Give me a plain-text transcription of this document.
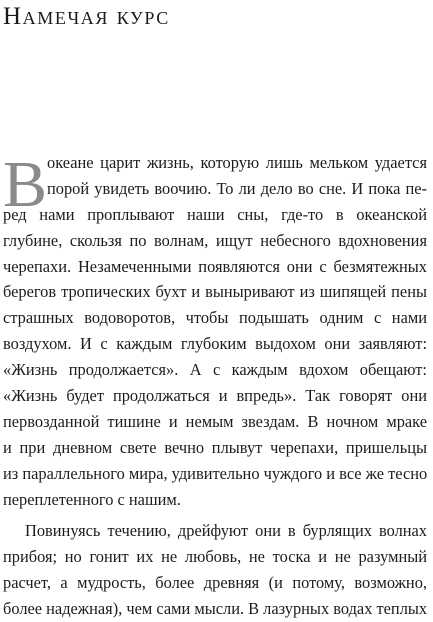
Намечая курс
В океане царит жизнь, которую лишь мельком удается
порой увидеть воочию. То ли дело во сне. И пока пе-
ред нами проплывают наши сны, где-то в океанской
глубине, скользя по волнам, ищут небесного вдохновения
черепахи. Незамеченными появляются они с безмятежных
берегов тропических бухт и выныривают из шипящей пены
страшных водоворотов, чтобы подышать одним с нами
воздухом. И с каждым глубоким выдохом они заявляют:
«Жизнь продолжается». А с каждым вдохом обещают:
«Жизнь будет продолжаться и впредь». Так говорят они
первозданной тишине и немым звездам. В ночном мраке
и при дневном свете вечно плывут черепахи, пришельцы
из параллельного мира, удивительно чуждого и все же тесно
переплетенного с нашим.
Повинуясь течению, дрейфуют они в бурлящих волнах
прибоя; но гонит их не любовь, не тоска и не разумный
расчет, а мудрость, более древняя (и потому, возможно,
более надежная), чем сами мысли. В лазурных водах теплых
